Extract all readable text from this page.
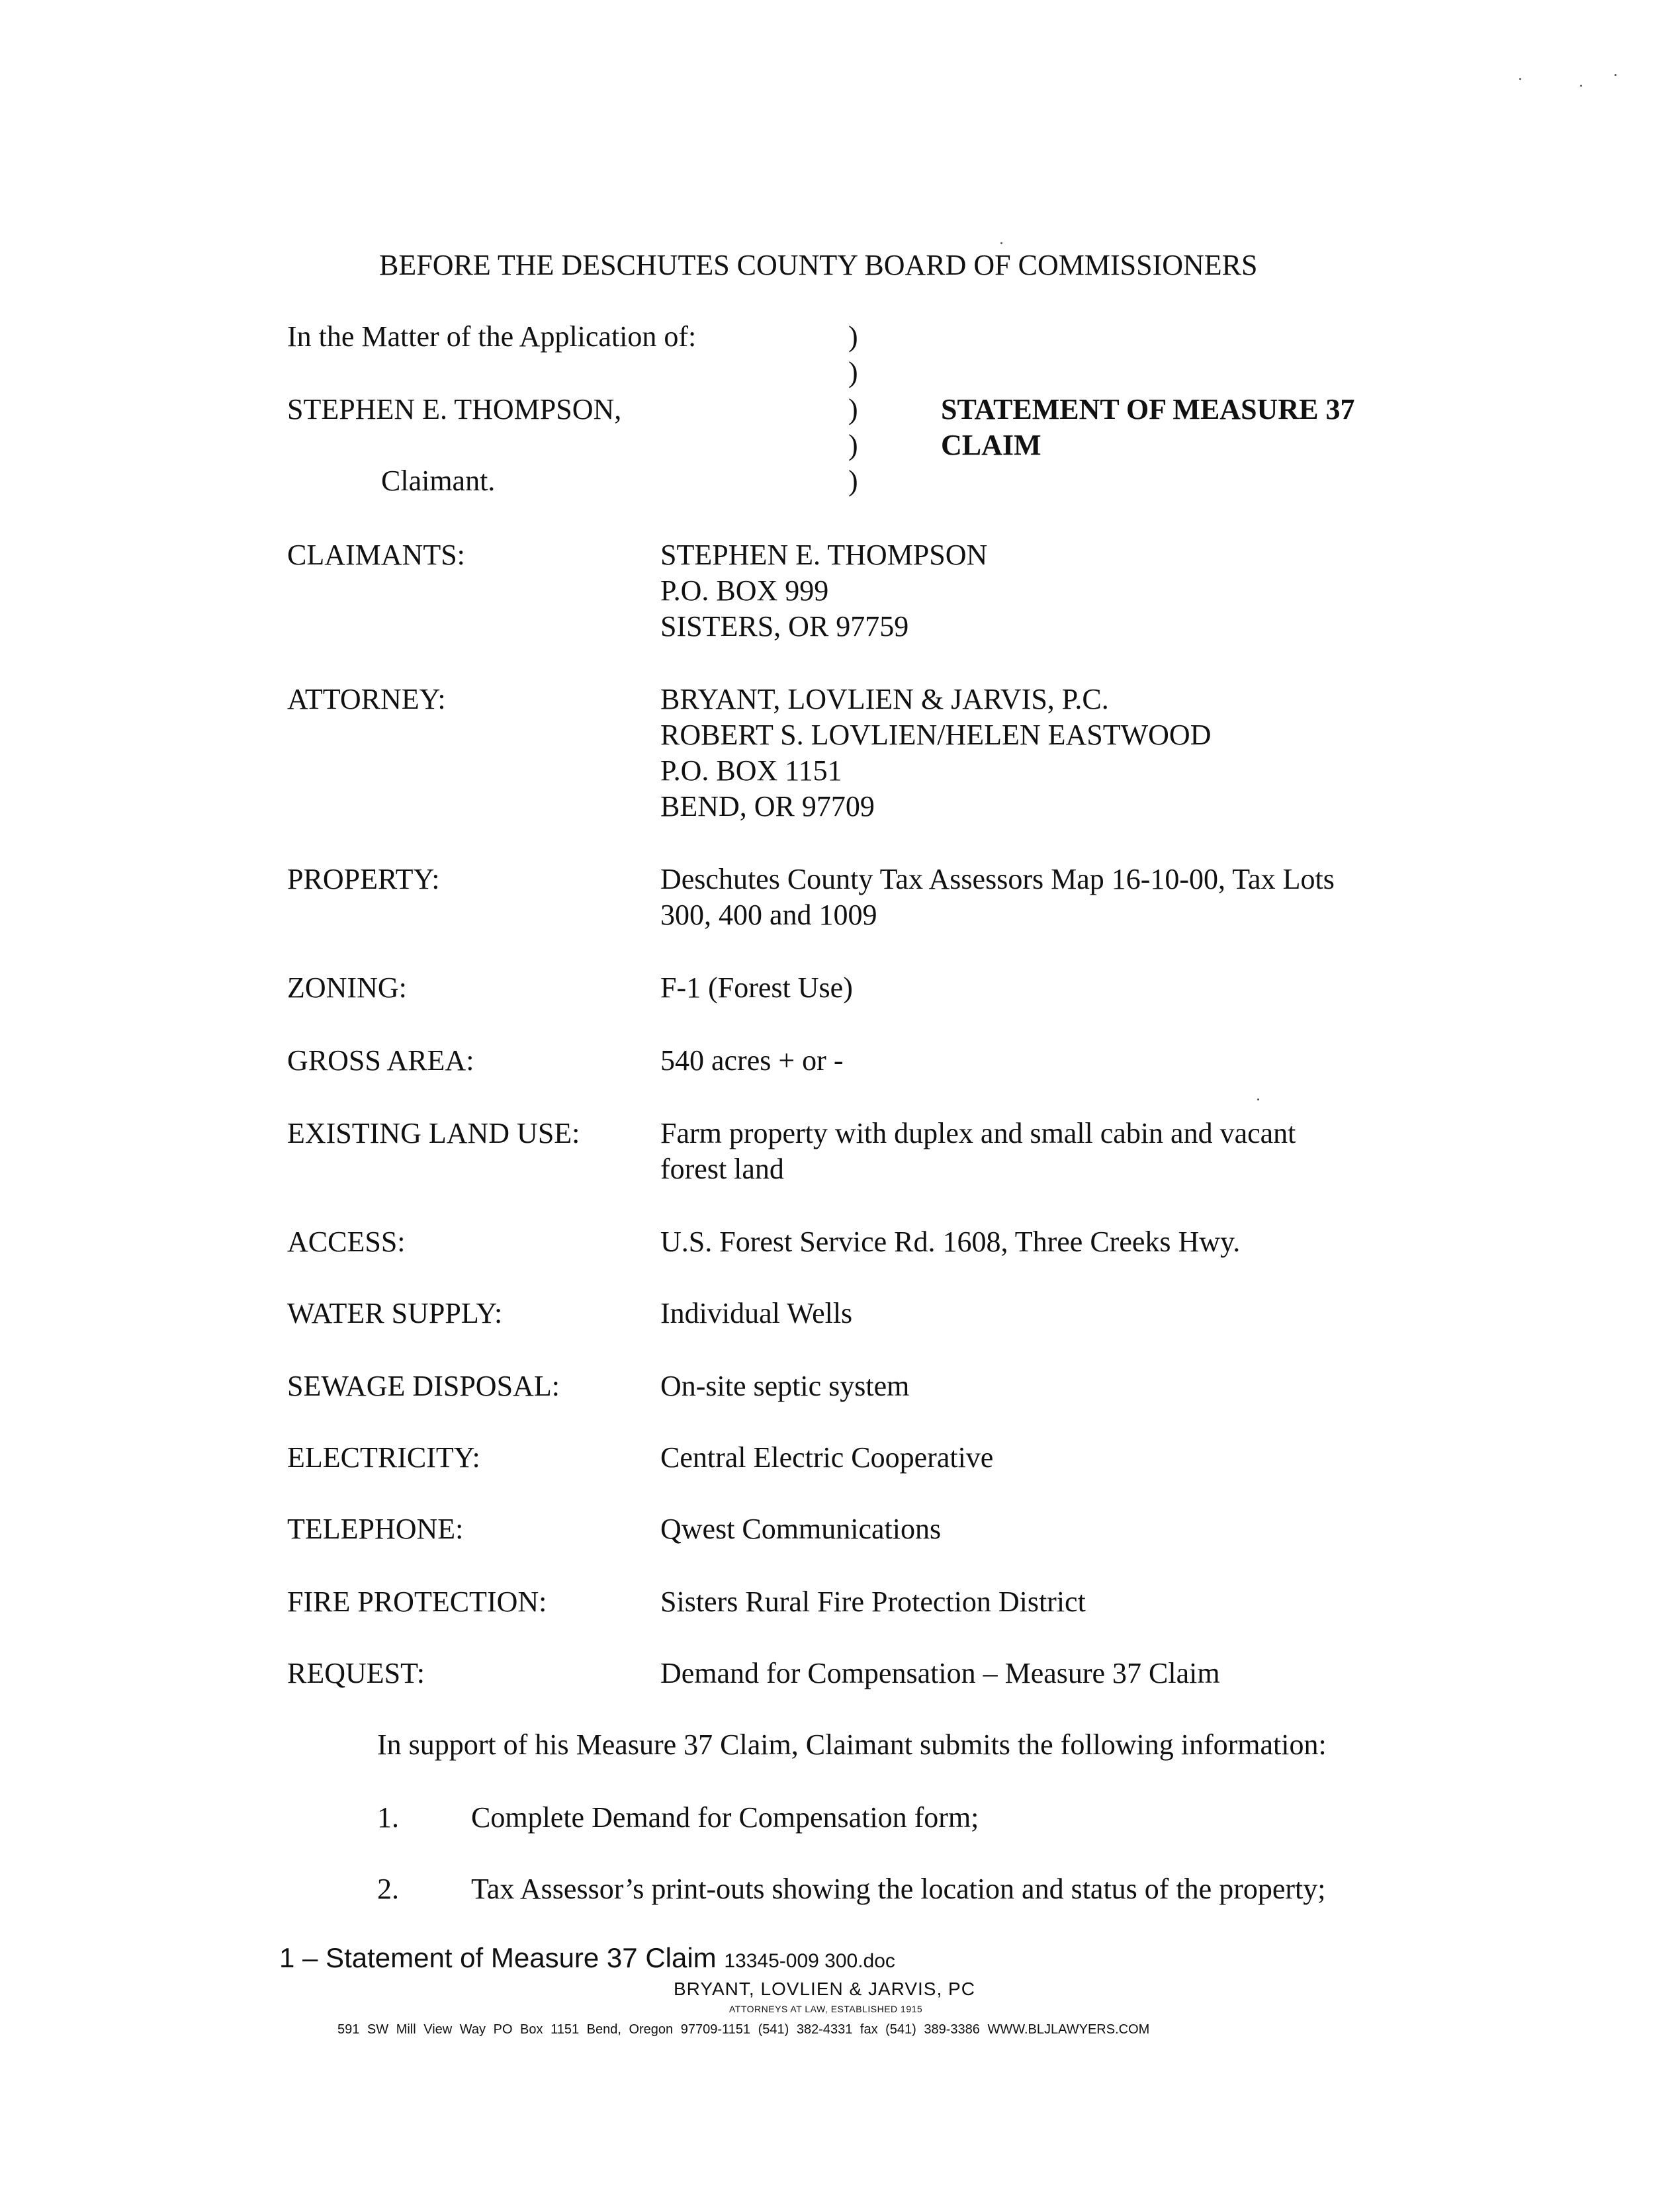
BEFORE THE DESCHUTES COUNTY BOARD OF COMMISSIONERS
In the Matter of the Application of:
STEPHEN E. THOMPSON,
Claimant.
)
)
)
)
)
STATEMENT OF MEASURE 37
CLAIM
CLAIMANTS:	STEPHEN E. THOMPSON
P.O. BOX 999
SISTERS, OR 97759
ATTORNEY:	BRYANT, LOVLIEN & JARVIS, P.C.
ROBERT S. LOVLIEN/HELEN EASTWOOD
P.O. BOX 1151
BEND, OR 97709
PROPERTY:	Deschutes County Tax Assessors Map 16-10-00, Tax Lots
300, 400 and 1009
ZONING:	F-1 (Forest Use)
GROSS AREA:	540 acres + or -
EXISTING LAND USE:	Farm property with duplex and small cabin and vacant
forest land
ACCESS:	U.S. Forest Service Rd. 1608, Three Creeks Hwy.
WATER SUPPLY:	Individual Wells
SEWAGE DISPOSAL:	On-site septic system
ELECTRICITY:	Central Electric Cooperative
TELEPHONE:	Qwest Communications
FIRE PROTECTION:	Sisters Rural Fire Protection District
REQUEST:	Demand for Compensation – Measure 37 Claim
In support of his Measure 37 Claim, Claimant submits the following information:
1. Complete Demand for Compensation form;
2. Tax Assessor’s print-outs showing the location and status of the property;
1 – Statement of Measure 37 Claim 13345-009 300.doc
BRYANT, LOVLIEN & JARVIS, PC
ATTORNEYS AT LAW, ESTABLISHED 1915
591 SW Mill View Way PO Box 1151 Bend, Oregon 97709-1151 (541) 382-4331 fax (541) 389-3386 WWW.BLJLAWYERS.COM
